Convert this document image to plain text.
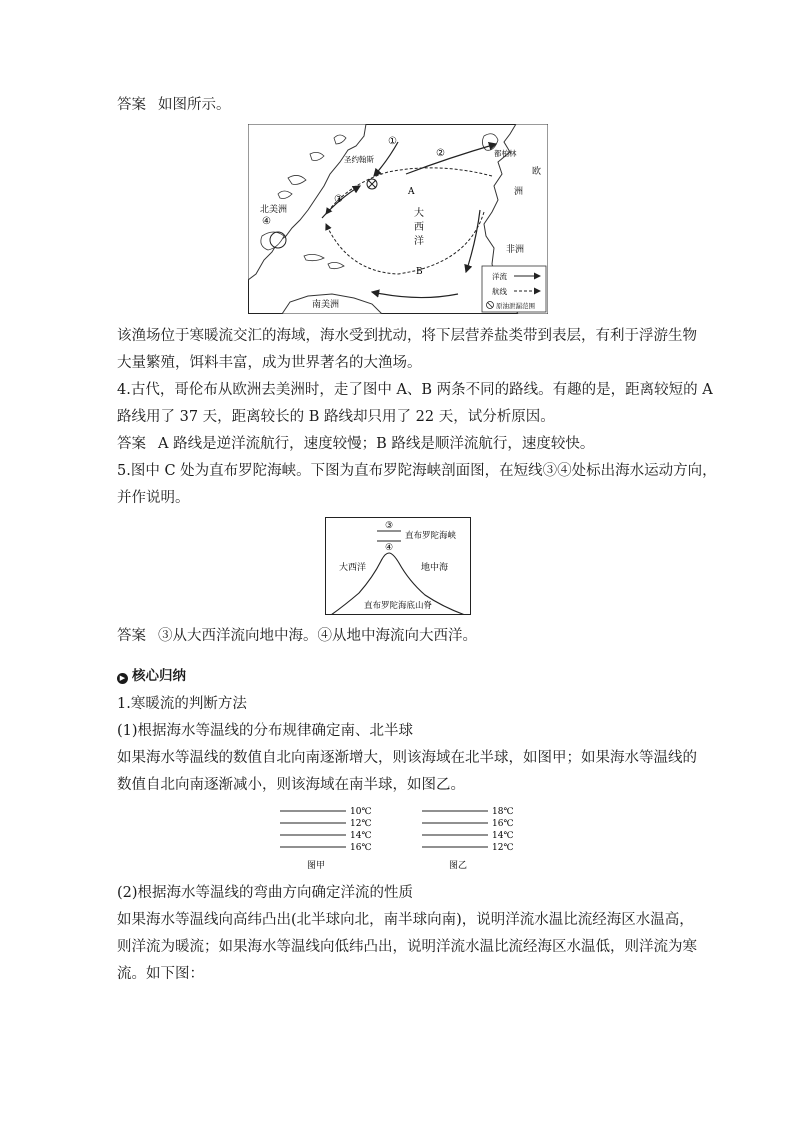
答案 如图所示。
北美洲
南美洲
欧
洲
非洲
大
西
洋
圣约翰斯
都柏林
A
B
①
②
③
④
洋流
航线
原油泄漏范围
该渔场位于寒暖流交汇的海域，海水受到扰动，将下层营养盐类带到表层，有利于浮游生物
大量繁殖，饵料丰富，成为世界著名的大渔场。
4.古代，哥伦布从欧洲去美洲时，走了图中 A、B 两条不同的路线。有趣的是，距离较短的 A
路线用了 37 天，距离较长的 B 路线却只用了 22 天，试分析原因。
答案 A 路线是逆洋流航行，速度较慢；B 路线是顺洋流航行，速度较快。
5.图中 C 处为直布罗陀海峡。下图为直布罗陀海峡剖面图，在短线③④处标出海水运动方向，
并作说明。
③
④
直布罗陀海峡
大西洋	地中海
直布罗陀海底山脊
答案 ③从大西洋流向地中海。④从地中海流向大西洋。
▶ 核心归纳
1.寒暖流的判断方法
(1)根据海水等温线的分布规律确定南、北半球
如果海水等温线的数值自北向南逐渐增大，则该海域在北半球，如图甲；如果海水等温线的
数值自北向南逐渐减小，则该海域在南半球，如图乙。
10℃
12℃
14℃
16℃
图甲
18℃
16℃
14℃
12℃
图乙
(2)根据海水等温线的弯曲方向确定洋流的性质
如果海水等温线向高纬凸出(北半球向北，南半球向南)，说明洋流水温比流经海区水温高，
则洋流为暖流；如果海水等温线向低纬凸出，说明洋流水温比流经海区水温低，则洋流为寒
流。如下图：
